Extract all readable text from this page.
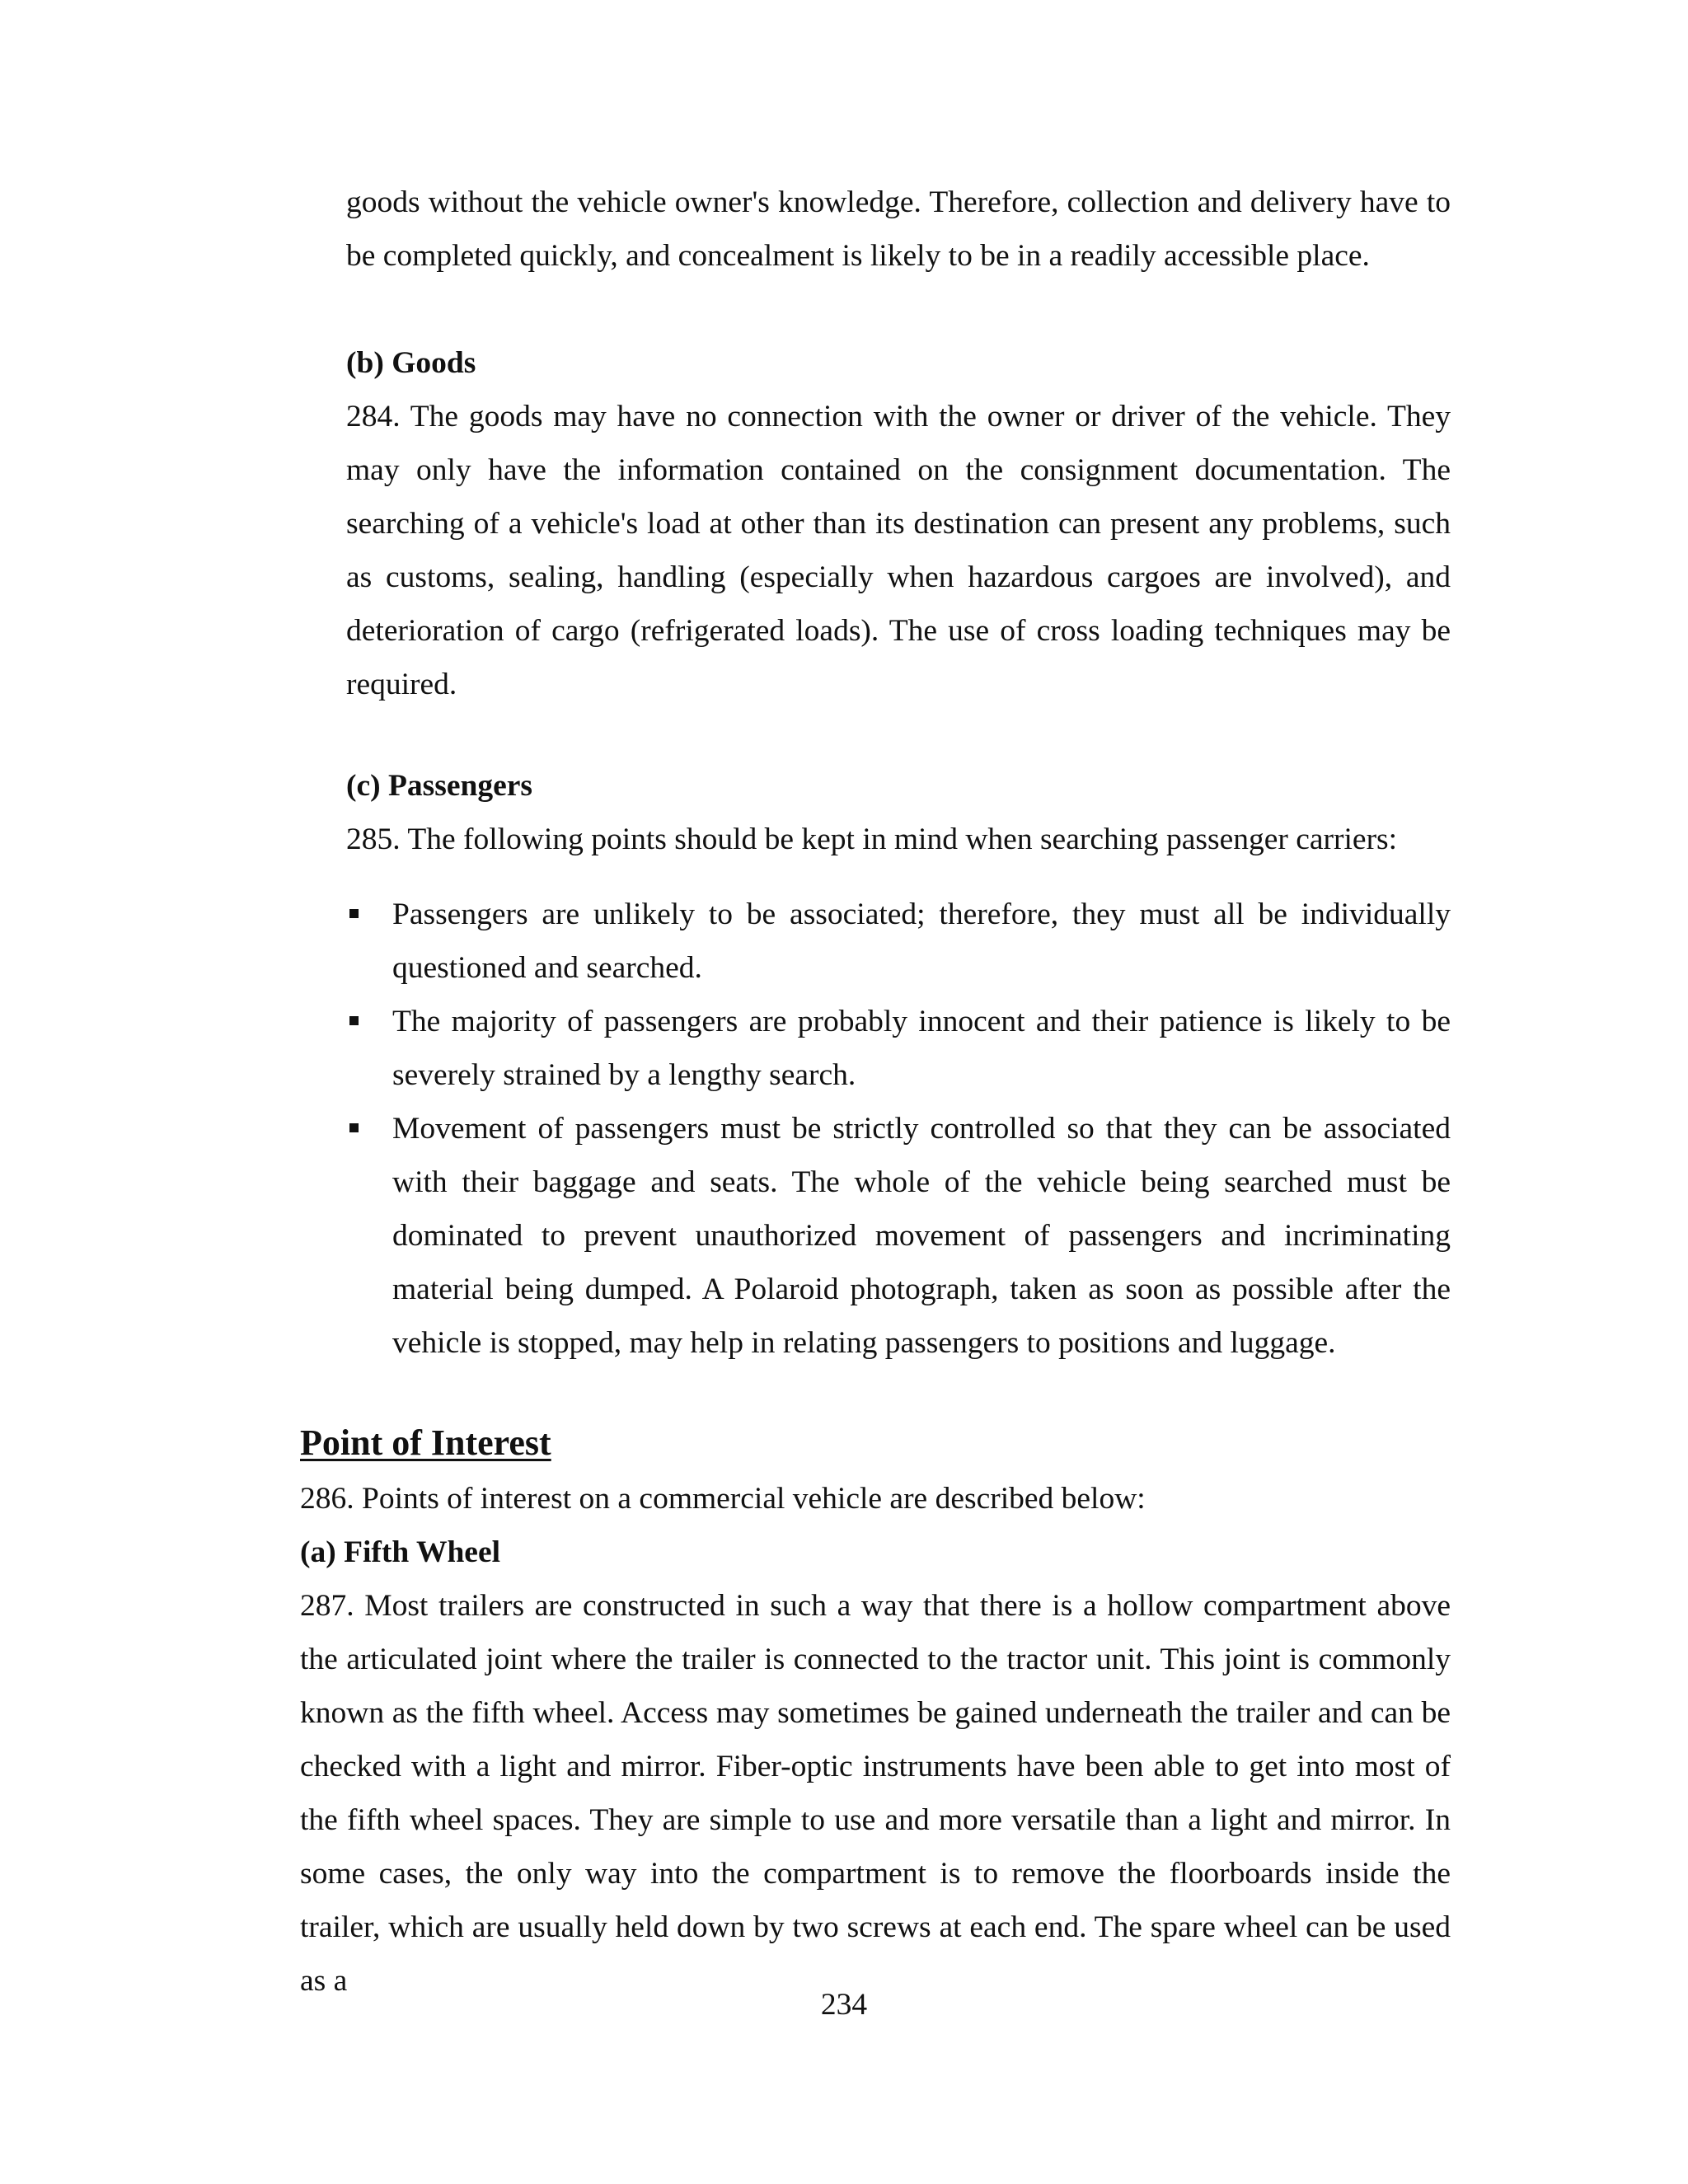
goods without the vehicle owner's knowledge. Therefore, collection and delivery have to be completed quickly, and concealment is likely to be in a readily accessible place.

(b) Goods

284. The goods may have no connection with the owner or driver of the vehicle. They may only have the information contained on the consignment documentation. The searching of a vehicle's load at other than its destination can present any problems, such as customs, sealing, handling (especially when hazardous cargoes are involved), and deterioration of cargo (refrigerated loads). The use of cross loading techniques may be required.

(c) Passengers

285. The following points should be kept in mind when searching passenger carriers:

Passengers are unlikely to be associated; therefore, they must all be individually questioned and searched.

The majority of passengers are probably innocent and their patience is likely to be severely strained by a lengthy search.

Movement of passengers must be strictly controlled so that they can be associated with their baggage and seats. The whole of the vehicle being searched must be dominated to prevent unauthorized movement of passengers and incriminating material being dumped. A Polaroid photograph, taken as soon as possible after the vehicle is stopped, may help in relating passengers to positions and luggage.

Point of Interest

286. Points of interest on a commercial vehicle are described below:

(a) Fifth Wheel

287. Most trailers are constructed in such a way that there is a hollow compartment above the articulated joint where the trailer is connected to the tractor unit. This joint is commonly known as the fifth wheel. Access may sometimes be gained underneath the trailer and can be checked with a light and mirror. Fiber-optic instruments have been able to get into most of the fifth wheel spaces. They are simple to use and more versatile than a light and mirror. In some cases, the only way into the compartment is to remove the floorboards inside the trailer, which are usually held down by two screws at each end. The spare wheel can be used as a

234
